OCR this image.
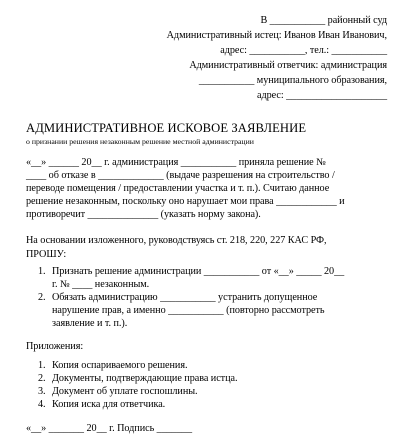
В ___________ районный суд
Административный истец: Иванов Иван Иванович,
адрес: ___________, тел.: ___________
Административный ответчик: администрация
___________ муниципального образования,
адрес: ____________________
АДМИНИСТРАТИВНОЕ ИСКОВОЕ ЗАЯВЛЕНИЕ
о признании решения незаконным решение местной администрации
«__» ______ 20__ г. администрация ___________ приняла решение №
____ об отказе в _____________ (выдаче разрешения на строительство /
переводе помещения / предоставлении участка и т. п.). Считаю данное
решение незаконным, поскольку оно нарушает мои права ____________ и
противоречит ______________ (указать норму закона).
На основании изложенного, руководствуясь ст. 218, 220, 227 КАС РФ,
ПРОШУ:
1. Признать решение администрации ___________ от «__» _____ 20__
г. № ____ незаконным.
2. Обязать администрацию ___________ устранить допущенное
нарушение прав, а именно ___________ (повторно рассмотреть
заявление и т. п.).
Приложения:
1. Копия оспариваемого решения.
2. Документы, подтверждающие права истца.
3. Документ об уплате госпошлины.
4. Копия иска для ответчика.
«__» _______ 20__ г. Подпись _______
